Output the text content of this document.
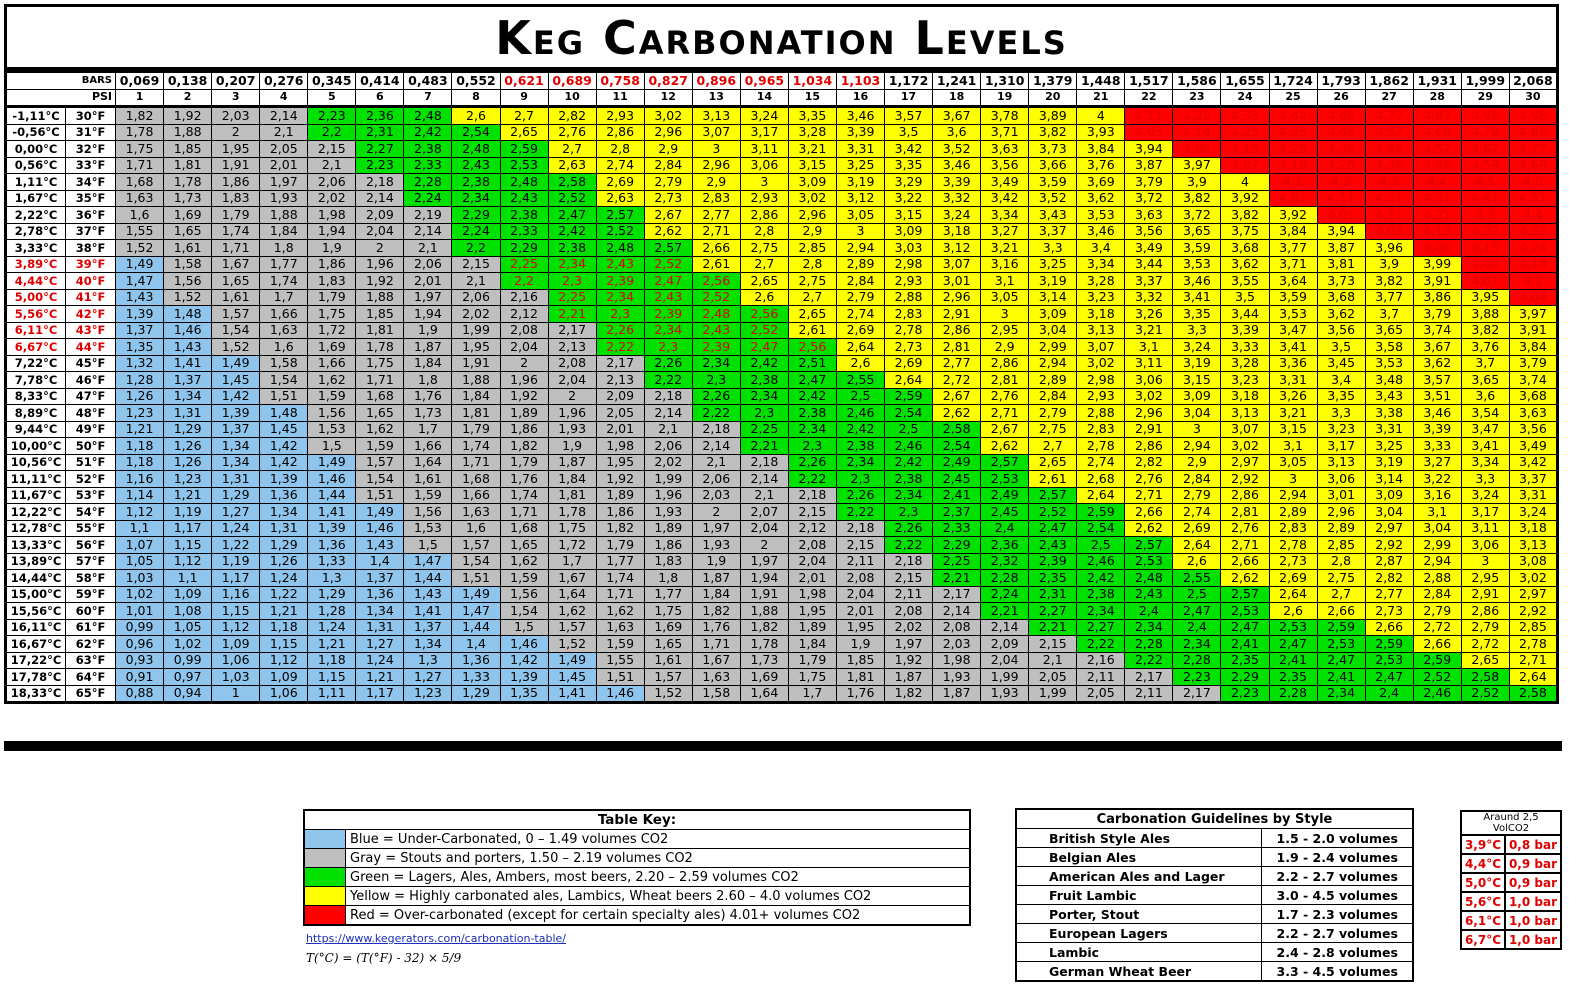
Keg Carbonation Levels
BARS		0,069	0,138	0,207	0,276	0,345	0,414	0,483	0,552	0,621	0,689	0,758	0,827	0,896	0,965	1,034	1,103	1,172	1,241	1,310	1,379	1,448	1,517	1,586	1,655	1,724	1,793	1,862	1,931	1,999	2,068
PSI		1	2	3	4	5	6	7	8	9	10	11	12	13	14	15	16	17	18	19	20	21	22	23	24	25	26	27	28	29	30
-1,11°C	30°F	1,82	1,92	2,03	2,14	2,23	2,36	2,48	2,6	2,7	2,82	2,93	3,02	3,13	3,24	3,35	3,46	3,57	3,67	3,78	3,89	4	4,11	4,22	4,33	4,44	4,66	4,77	4,87	4,98	4,98
-0,56°C	31°F	1,78	1,88	2	2,1	2,2	2,31	2,42	2,54	2,65	2,76	2,86	2,96	3,07	3,17	3,28	3,39	3,5	3,6	3,71	3,82	3,93	4,03	4,14	4,25	4,35	4,46	4,57	4,68	4,78	4,89
0,00°C	32°F	1,75	1,85	1,95	2,05	2,15	2,27	2,38	2,48	2,59	2,7	2,8	2,9	3	3,11	3,21	3,31	3,42	3,52	3,63	3,73	3,84	3,94	4,04	4,15	4,25	4,36	4,46	4,57	4,67	4,77
0,56°C	33°F	1,71	1,81	1,91	2,01	2,1	2,23	2,33	2,43	2,53	2,63	2,74	2,84	2,96	3,06	3,15	3,25	3,35	3,46	3,56	3,66	3,76	3,87	3,97	4,07	4,18	4,28	4,38	4,48	4,59	4,69
1,11°C	34°F	1,68	1,78	1,86	1,97	2,06	2,18	2,28	2,38	2,48	2,58	2,69	2,79	2,9	3	3,09	3,19	3,29	3,39	3,49	3,59	3,69	3,79	3,9	4	4,1	4,2	4,3	4,4	4,5	4,6
1,67°C	35°F	1,63	1,73	1,83	1,93	2,02	2,14	2,24	2,34	2,43	2,52	2,63	2,73	2,83	2,93	3,02	3,12	3,22	3,32	3,42	3,52	3,62	3,72	3,82	3,92	4,01	4,11	4,21	4,31	4,41	4,51
2,22°C	36°F	1,6	1,69	1,79	1,88	1,98	2,09	2,19	2,29	2,38	2,47	2,57	2,67	2,77	2,86	2,96	3,05	3,15	3,24	3,34	3,43	3,53	3,63	3,72	3,82	3,92	4,01	4,11	4,21	4,3	4,4
2,78°C	37°F	1,55	1,65	1,74	1,84	1,94	2,04	2,14	2,24	2,33	2,42	2,52	2,62	2,71	2,8	2,9	3	3,09	3,18	3,27	3,37	3,46	3,56	3,65	3,75	3,84	3,94	4,03	4,13	4,22	4,32
3,33°C	38°F	1,52	1,61	1,71	1,8	1,9	2	2,1	2,2	2,29	2,38	2,48	2,57	2,66	2,75	2,85	2,94	3,03	3,12	3,21	3,3	3,4	3,49	3,59	3,68	3,77	3,87	3,96	4,06	4,15	4,24
3,89°C	39°F	1,49	1,58	1,67	1,77	1,86	1,96	2,06	2,15	2,25	2,34	2,43	2,52	2,61	2,7	2,8	2,89	2,98	3,07	3,16	3,25	3,34	3,44	3,53	3,62	3,71	3,81	3,9	3,99	4,08	4,18
4,44°C	40°F	1,47	1,56	1,65	1,74	1,83	1,92	2,01	2,1	2,2	2,3	2,39	2,47	2,56	2,65	2,75	2,84	2,93	3,01	3,1	3,19	3,28	3,37	3,46	3,55	3,64	3,73	3,82	3,91	4,01	4,1
5,00°C	41°F	1,43	1,52	1,61	1,7	1,79	1,88	1,97	2,06	2,16	2,25	2,34	2,43	2,52	2,6	2,7	2,79	2,88	2,96	3,05	3,14	3,23	3,32	3,41	3,5	3,59	3,68	3,77	3,86	3,95	4,04
5,56°C	42°F	1,39	1,48	1,57	1,66	1,75	1,85	1,94	2,02	2,12	2,21	2,3	2,39	2,48	2,56	2,65	2,74	2,83	2,91	3	3,09	3,18	3,26	3,35	3,44	3,53	3,62	3,7	3,79	3,88	3,97
6,11°C	43°F	1,37	1,46	1,54	1,63	1,72	1,81	1,9	1,99	2,08	2,17	2,26	2,34	2,43	2,52	2,61	2,69	2,78	2,86	2,95	3,04	3,13	3,21	3,3	3,39	3,47	3,56	3,65	3,74	3,82	3,91
6,67°C	44°F	1,35	1,43	1,52	1,6	1,69	1,78	1,87	1,95	2,04	2,13	2,22	2,3	2,39	2,47	2,56	2,64	2,73	2,81	2,9	2,99	3,07	3,1	3,24	3,33	3,41	3,5	3,58	3,67	3,76	3,84
7,22°C	45°F	1,32	1,41	1,49	1,58	1,66	1,75	1,84	1,91	2	2,08	2,17	2,26	2,34	2,42	2,51	2,6	2,69	2,77	2,86	2,94	3,02	3,11	3,19	3,28	3,36	3,45	3,53	3,62	3,7	3,79
7,78°C	46°F	1,28	1,37	1,45	1,54	1,62	1,71	1,8	1,88	1,96	2,04	2,13	2,22	2,3	2,38	2,47	2,55	2,64	2,72	2,81	2,89	2,98	3,06	3,15	3,23	3,31	3,4	3,48	3,57	3,65	3,74
8,33°C	47°F	1,26	1,34	1,42	1,51	1,59	1,68	1,76	1,84	1,92	2	2,09	2,18	2,26	2,34	2,42	2,5	2,59	2,67	2,76	2,84	2,93	3,02	3,09	3,18	3,26	3,35	3,43	3,51	3,6	3,68
8,89°C	48°F	1,23	1,31	1,39	1,48	1,56	1,65	1,73	1,81	1,89	1,96	2,05	2,14	2,22	2,3	2,38	2,46	2,54	2,62	2,71	2,79	2,88	2,96	3,04	3,13	3,21	3,3	3,38	3,46	3,54	3,63
9,44°C	49°F	1,21	1,29	1,37	1,45	1,53	1,62	1,7	1,79	1,86	1,93	2,01	2,1	2,18	2,25	2,34	2,42	2,5	2,58	2,67	2,75	2,83	2,91	3	3,07	3,15	3,23	3,31	3,39	3,47	3,56
10,00°C	50°F	1,18	1,26	1,34	1,42	1,5	1,59	1,66	1,74	1,82	1,9	1,98	2,06	2,14	2,21	2,3	2,38	2,46	2,54	2,62	2,7	2,78	2,86	2,94	3,02	3,1	3,17	3,25	3,33	3,41	3,49
10,56°C	51°F	1,18	1,26	1,34	1,42	1,49	1,57	1,64	1,71	1,79	1,87	1,95	2,02	2,1	2,18	2,26	2,34	2,42	2,49	2,57	2,65	2,74	2,82	2,9	2,97	3,05	3,13	3,19	3,27	3,34	3,42
11,11°C	52°F	1,16	1,23	1,31	1,39	1,46	1,54	1,61	1,68	1,76	1,84	1,92	1,99	2,06	2,14	2,22	2,3	2,38	2,45	2,53	2,61	2,68	2,76	2,84	2,92	3	3,06	3,14	3,22	3,3	3,37
11,67°C	53°F	1,14	1,21	1,29	1,36	1,44	1,51	1,59	1,66	1,74	1,81	1,89	1,96	2,03	2,1	2,18	2,26	2,34	2,41	2,49	2,57	2,64	2,71	2,79	2,86	2,94	3,01	3,09	3,16	3,24	3,31
12,22°C	54°F	1,12	1,19	1,27	1,34	1,41	1,49	1,56	1,63	1,71	1,78	1,86	1,93	2	2,07	2,15	2,22	2,3	2,37	2,45	2,52	2,59	2,66	2,74	2,81	2,89	2,96	3,04	3,1	3,17	3,24
12,78°C	55°F	1,1	1,17	1,24	1,31	1,39	1,46	1,53	1,6	1,68	1,75	1,82	1,89	1,97	2,04	2,12	2,18	2,26	2,33	2,4	2,47	2,54	2,62	2,69	2,76	2,83	2,89	2,97	3,04	3,11	3,18
13,33°C	56°F	1,07	1,15	1,22	1,29	1,36	1,43	1,5	1,57	1,65	1,72	1,79	1,86	1,93	2	2,08	2,15	2,22	2,29	2,36	2,43	2,5	2,57	2,64	2,71	2,78	2,85	2,92	2,99	3,06	3,13
13,89°C	57°F	1,05	1,12	1,19	1,26	1,33	1,4	1,47	1,54	1,62	1,7	1,77	1,83	1,9	1,97	2,04	2,11	2,18	2,25	2,32	2,39	2,46	2,53	2,6	2,66	2,73	2,8	2,87	2,94	3	3,08
14,44°C	58°F	1,03	1,1	1,17	1,24	1,3	1,37	1,44	1,51	1,59	1,67	1,74	1,8	1,87	1,94	2,01	2,08	2,15	2,21	2,28	2,35	2,42	2,48	2,55	2,62	2,69	2,75	2,82	2,88	2,95	3,02
15,00°C	59°F	1,02	1,09	1,16	1,22	1,29	1,36	1,43	1,49	1,56	1,64	1,71	1,77	1,84	1,91	1,98	2,04	2,11	2,17	2,24	2,31	2,38	2,43	2,5	2,57	2,64	2,7	2,77	2,84	2,91	2,97
15,56°C	60°F	1,01	1,08	1,15	1,21	1,28	1,34	1,41	1,47	1,54	1,62	1,62	1,75	1,82	1,88	1,95	2,01	2,08	2,14	2,21	2,27	2,34	2,4	2,47	2,53	2,6	2,66	2,73	2,79	2,86	2,92
16,11°C	61°F	0,99	1,05	1,12	1,18	1,24	1,31	1,37	1,44	1,5	1,57	1,63	1,69	1,76	1,82	1,89	1,95	2,02	2,08	2,14	2,21	2,27	2,34	2,4	2,47	2,53	2,59	2,66	2,72	2,79	2,85
16,67°C	62°F	0,96	1,02	1,09	1,15	1,21	1,27	1,34	1,4	1,46	1,52	1,59	1,65	1,71	1,78	1,84	1,9	1,97	2,03	2,09	2,15	2,22	2,28	2,34	2,41	2,47	2,53	2,59	2,66	2,72	2,78
17,22°C	63°F	0,93	0,99	1,06	1,12	1,18	1,24	1,3	1,36	1,42	1,49	1,55	1,61	1,67	1,73	1,79	1,85	1,92	1,98	2,04	2,1	2,16	2,22	2,28	2,35	2,41	2,47	2,53	2,59	2,65	2,71
17,78°C	64°F	0,91	0,97	1,03	1,09	1,15	1,21	1,27	1,33	1,39	1,45	1,51	1,57	1,63	1,69	1,75	1,81	1,87	1,93	1,99	2,05	2,11	2,17	2,23	2,29	2,35	2,41	2,47	2,52	2,58	2,64
18,33°C	65°F	0,88	0,94	1	1,06	1,11	1,17	1,23	1,29	1,35	1,41	1,46	1,52	1,58	1,64	1,7	1,76	1,82	1,87	1,93	1,99	2,05	2,11	2,17	2,23	2,28	2,34	2,4	2,46	2,52	2,58
Table Key:	
	Blue = Under-Carbonated, 0 – 1.49 volumes CO2
	Gray = Stouts and porters, 1.50 – 2.19 volumes CO2
	Green = Lagers, Ales, Ambers, most beers, 2.20 – 2.59 volumes CO2
	Yellow = Highly carbonated ales, Lambics, Wheat beers 2.60 – 4.0 volumes CO2
	Red = Over-carbonated (except for certain specialty ales) 4.01+ volumes CO2
https://www.kegerators.com/carbonation-table/
T(°C) = (T(°F) - 32) × 5/9
Carbonation Guidelines by Style	
British Style Ales	1.5 - 2.0 volumes
Belgian Ales	1.9 - 2.4 volumes
American Ales and Lager	2.2 - 2.7 volumes
Fruit Lambic	3.0 - 4.5 volumes
Porter, Stout	1.7 - 2.3 volumes
European Lagers	2.2 - 2.7 volumes
Lambic	2.4 - 2.8 volumes
German Wheat Beer	3.3 - 4.5 volumes
Araund 2,5 VolCO2	
3,9°C	0,8 bar
4,4°C	0,9 bar
5,0°C	0,9 bar
5,6°C	1,0 bar
6,1°C	1,0 bar
6,7°C	1,0 bar
